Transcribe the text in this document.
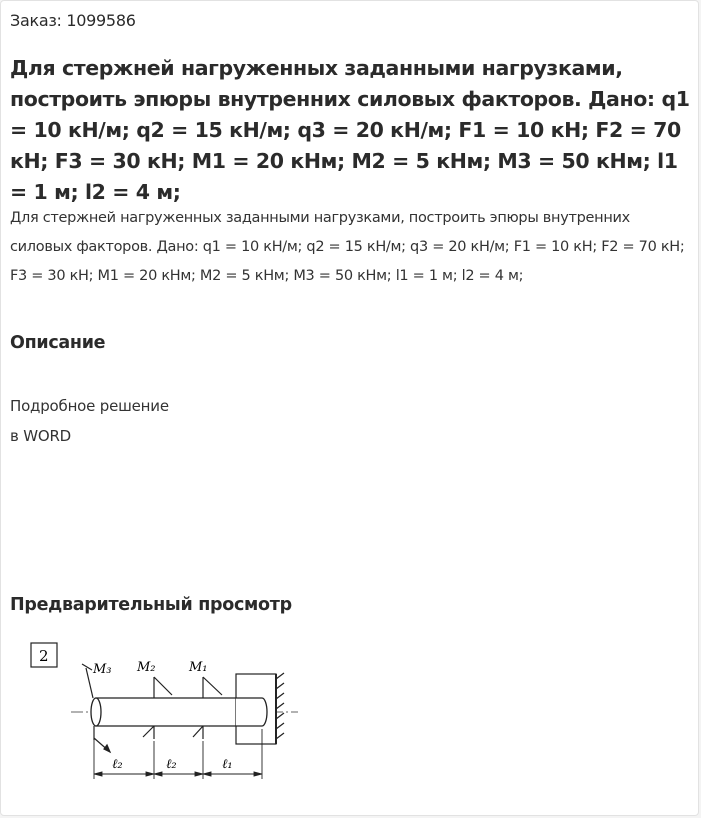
Заказ: 1099586
Для стержней нагруженных заданными нагрузками, построить эпюры внутренних силовых факторов. Дано: q1 = 10 кН/м; q2 = 15 кН/м; q3 = 20 кН/м; F1 = 10 кН; F2 = 70 кН; F3 = 30 кН; M1 = 20 кНм; M2 = 5 кНм; M3 = 50 кНм; l1 = 1 м; l2 = 4 м;

Для стержней нагруженных заданными нагрузками, построить эпюры внутренних силовых факторов. Дано: q1 = 10 кН/м; q2 = 15 кН/м; q3 = 20 кН/м; F1 = 10 кН; F2 = 70 кН; F3 = 30 кН; M1 = 20 кНм; M2 = 5 кНм; M3 = 50 кНм; l1 = 1 м; l2 = 4 м;

Описание
Подробное решение
в WORD
Предварительный просмотр
2
M₃ M₂	M₁
ℓ₂	ℓ₂	ℓ₁
